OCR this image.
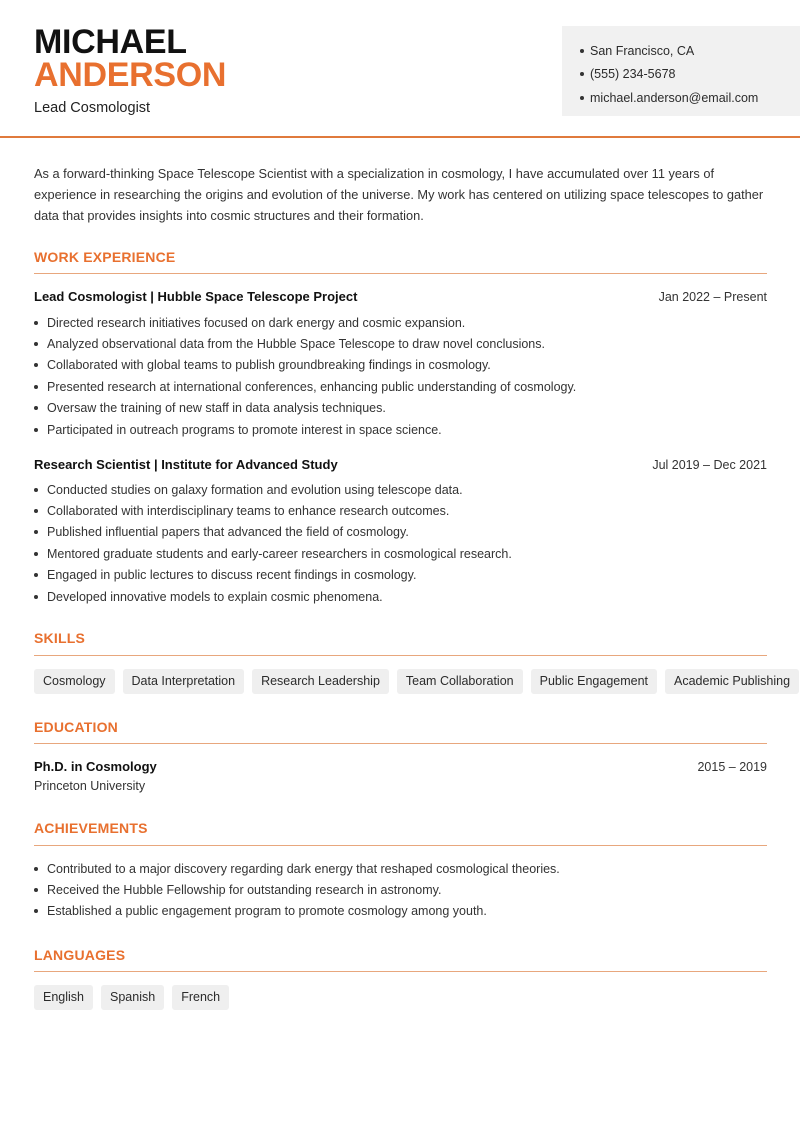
MICHAEL
ANDERSON
Lead Cosmologist
San Francisco, CA
(555) 234-5678
michael.anderson@email.com
As a forward-thinking Space Telescope Scientist with a specialization in cosmology, I have accumulated over 11 years of experience in researching the origins and evolution of the universe. My work has centered on utilizing space telescopes to gather data that provides insights into cosmic structures and their formation.
WORK EXPERIENCE
Lead Cosmologist | Hubble Space Telescope Project	Jan 2022 – Present
Directed research initiatives focused on dark energy and cosmic expansion.
Analyzed observational data from the Hubble Space Telescope to draw novel conclusions.
Collaborated with global teams to publish groundbreaking findings in cosmology.
Presented research at international conferences, enhancing public understanding of cosmology.
Oversaw the training of new staff in data analysis techniques.
Participated in outreach programs to promote interest in space science.
Research Scientist | Institute for Advanced Study	Jul 2019 – Dec 2021
Conducted studies on galaxy formation and evolution using telescope data.
Collaborated with interdisciplinary teams to enhance research outcomes.
Published influential papers that advanced the field of cosmology.
Mentored graduate students and early-career researchers in cosmological research.
Engaged in public lectures to discuss recent findings in cosmology.
Developed innovative models to explain cosmic phenomena.
SKILLS
Cosmology	Data Interpretation	Research Leadership	Team Collaboration	Public Engagement	Academic Publishing
EDUCATION
Ph.D. in Cosmology	2015 – 2019
Princeton University
ACHIEVEMENTS
Contributed to a major discovery regarding dark energy that reshaped cosmological theories.
Received the Hubble Fellowship for outstanding research in astronomy.
Established a public engagement program to promote cosmology among youth.
LANGUAGES
English	Spanish	French
